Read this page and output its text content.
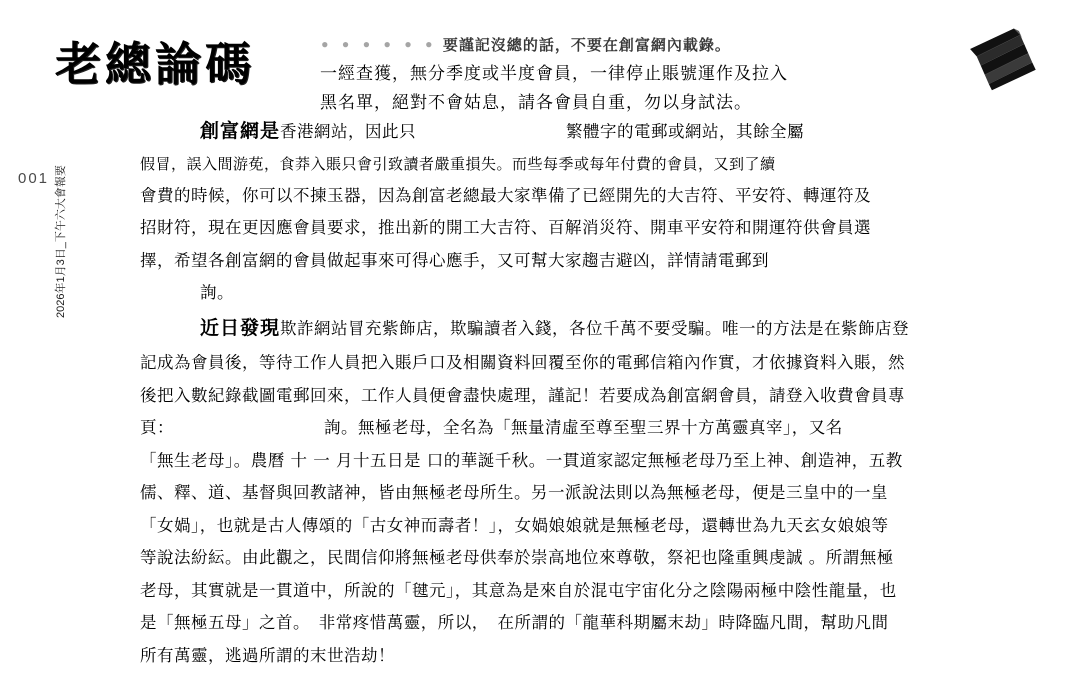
001 2026年1月3日_下午六大會報要
老總論碼	• • • • • • 要謹記沒總的話，不要在創富網內載錄。
一經查獲，無分季度或半度會員，一律停止賬號運作及拉入
黑名單，絕對不會姑息，請各會員自重，勿以身試法。

創富網是香港網站，因此只	繁體字的電郵或網站，其餘全屬

假冒，誤入間游莬，食莽入賬只會引致讀者嚴重損失。而些每季或每年付費的會員，又到了續

會費的時候，你可以不揀玉器，因為創富老總最大家準備了已經開先的大吉符、平安符、轉運符及

招財符，現在更因應會員要求，推出新的開工大吉符、百解消災符、開車平安符和開運符供會員選

擇，希望各創富網的會員做起事來可得心應手，又可幫大家趨吉避凶，詳情請電郵到

詢。

近日發現欺詐網站冒充紫飾店，欺騙讀者入錢，各位千萬不要受騙。唯一的方法是在紫飾店登

記成為會員後，等待工作人員把入賬戶口及相關資料回覆至你的電郵信箱內作實，才依據資料入賬，然

後把入數紀錄截圖電郵回來，工作人員便會盡快處理，謹記！若要成為創富網會員，請登入收費會員專

頁：	詢。無極老母，全名為「無量清虛至尊至聖三界十方萬靈真宰」，又名

「無生老母」。農曆 十 一 月十五日是 口的華誕千秋。一貫道家認定無極老母乃至上神、創造神，五教

儒、釋、道、基督與回教諸神，皆由無極老母所生。另一派說法則以為無極老母，便是三皇中的一皇

「女媧」，也就是古人傳頌的「古女神而壽者！」，女媧娘娘就是無極老母，還轉世為九天玄女娘娘等

等說法紛紜。由此觀之，民間信仰將無極老母供奉於崇高地位來尊敬，祭祀也隆重興虔誠 。所謂無極

老母，其實就是一貫道中，所說的「毽元」，其意為是來自於混屯宇宙化分之陰陽兩極中陰性龍量，也

是「無極五母」之首。　非常疼惜萬靈，所以，　在所謂的「龍華科期屬末劫」時降臨凡間，幫助凡間

所有萬靈，逃過所謂的末世浩劫！
